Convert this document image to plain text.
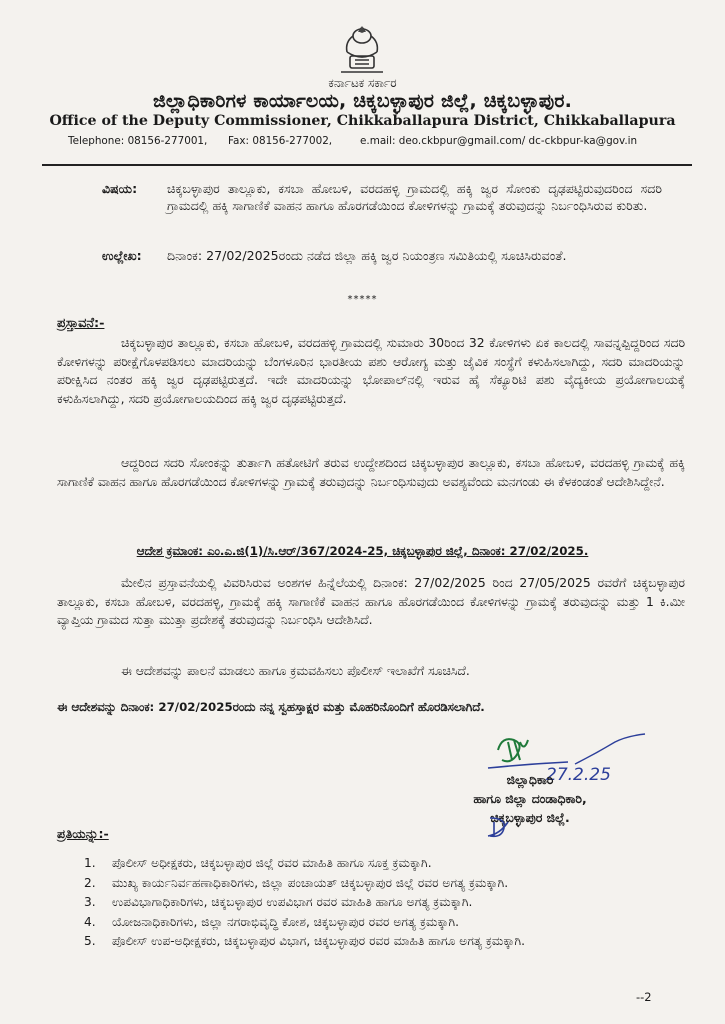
ಕರ್ನಾಟಕ ಸರ್ಕಾರ
ಜಿಲ್ಲಾಧಿಕಾರಿಗಳ ಕಾರ್ಯಾಲಯ, ಚಿಕ್ಕಬಳ್ಳಾಪುರ ಜಿಲ್ಲೆ, ಚಿಕ್ಕಬಳ್ಳಾಪುರ.
Office of the Deputy Commissioner, Chikkaballapura District, Chikkaballapura
Telephone: 08156-277001,	Fax: 08156-277002,	e.mail: deo.ckbpur@gmail.com/ dc-ckbpur-ka@gov.in
ವಿಷಯ:	ಚಿಕ್ಕಬಳ್ಳಾಪುರ ತಾಲ್ಲೂಕು, ಕಸಬಾ ಹೋಬಳಿ, ವರದಹಳ್ಳಿ ಗ್ರಾಮದಲ್ಲಿ ಹಕ್ಕಿ ಜ್ವರ ಸೋಂಕು ದೃಢಪಟ್ಟಿರುವುದರಿಂದ ಸದರಿ ಗ್ರಾಮದಲ್ಲಿ ಹಕ್ಕಿ ಸಾಗಾಣಿಕೆ ವಾಹನ ಹಾಗೂ ಹೊರಗಡೆಯಿಂದ ಕೋಳಿಗಳನ್ನು ಗ್ರಾಮಕ್ಕೆ ತರುವುದನ್ನು ನಿರ್ಬಂಧಿಸಿರುವ ಕುರಿತು.
ಉಲ್ಲೇಖ:	ದಿನಾಂಕ: 27/02/2025ರಂದು ನಡೆದ ಜಿಲ್ಲಾ ಹಕ್ಕಿ ಜ್ವರ ನಿಯಂತ್ರಣ ಸಮಿತಿಯಲ್ಲಿ ಸೂಚಿಸಿರುವಂತೆ.
*****
ಪ್ರಸ್ತಾವನೆ:-
ಚಿಕ್ಕಬಳ್ಳಾಪುರ ತಾಲ್ಲೂಕು, ಕಸಬಾ ಹೋಬಳಿ, ವರದಹಳ್ಳಿ ಗ್ರಾಮದಲ್ಲಿ ಸುಮಾರು 30ರಿಂದ 32 ಕೋಳಿಗಳು ಏಕ ಕಾಲದಲ್ಲಿ ಸಾವನ್ನಪ್ಪಿದ್ದರಿಂದ ಸದರಿ ಕೋಳಿಗಳನ್ನು ಪರೀಕ್ಷೆಗೊಳಪಡಿಸಲು ಮಾದರಿಯನ್ನು ಬೆಂಗಳೂರಿನ ಭಾರತೀಯ ಪಶು ಆರೋಗ್ಯ ಮತ್ತು ಜೈವಿಕ ಸಂಸ್ಥೆಗೆ ಕಳುಹಿಸಲಾಗಿದ್ದು, ಸದರಿ ಮಾದರಿಯನ್ನು ಪರೀಕ್ಷಿಸಿದ ನಂತರ ಹಕ್ಕಿ ಜ್ವರ ದೃಢಪಟ್ಟಿರುತ್ತದೆ. ಇದೇ ಮಾದರಿಯನ್ನು ಭೋಪಾಲ್‌ನಲ್ಲಿ ಇರುವ ಹೈ ಸೆಕ್ಯೂರಿಟಿ ಪಶು ವೈದ್ಯಕೀಯ ಪ್ರಯೋಗಾಲಯಕ್ಕೆ ಕಳುಹಿಸಲಾಗಿದ್ದು, ಸದರಿ ಪ್ರಯೋಗಾಲಯದಿಂದ ಹಕ್ಕಿ ಜ್ವರ ದೃಢಪಟ್ಟಿರುತ್ತದೆ.
ಆದ್ದರಿಂದ ಸದರಿ ಸೋಂಕನ್ನು ತುರ್ತಾಗಿ ಹತೋಟಿಗೆ ತರುವ ಉದ್ದೇಶದಿಂದ ಚಿಕ್ಕಬಳ್ಳಾಪುರ ತಾಲ್ಲೂಕು, ಕಸಬಾ ಹೋಬಳಿ, ವರದಹಳ್ಳಿ ಗ್ರಾಮಕ್ಕೆ ಹಕ್ಕಿ ಸಾಗಾಣಿಕೆ ವಾಹನ ಹಾಗೂ ಹೊರಗಡೆಯಿಂದ ಕೋಳಿಗಳನ್ನು ಗ್ರಾಮಕ್ಕೆ ತರುವುದನ್ನು ನಿರ್ಬಂಧಿಸುವುದು ಅವಶ್ಯವೆಂದು ಮನಗಂಡು ಈ ಕೆಳಕಂಡಂತೆ ಆದೇಶಿಸಿದ್ದೇನೆ.
ಆದೇಶ ಕ್ರಮಾಂಕ: ಎಂ.ಎ.ಜಿ(1)/ಸಿ.ಆರ್/367/2024-25, ಚಿಕ್ಕಬಳ್ಳಾಪುರ ಜಿಲ್ಲೆ, ದಿನಾಂಕ: 27/02/2025.
ಮೇಲಿನ ಪ್ರಸ್ತಾವನೆಯಲ್ಲಿ ವಿವರಿಸಿರುವ ಅಂಶಗಳ ಹಿನ್ನೆಲೆಯಲ್ಲಿ ದಿನಾಂಕ: 27/02/2025 ರಿಂದ 27/05/2025 ರವರೆಗೆ ಚಿಕ್ಕಬಳ್ಳಾಪುರ ತಾಲ್ಲೂಕು, ಕಸಬಾ ಹೋಬಳಿ, ವರದಹಳ್ಳಿ, ಗ್ರಾಮಕ್ಕೆ ಹಕ್ಕಿ ಸಾಗಾಣಿಕೆ ವಾಹನ ಹಾಗೂ ಹೊರಗಡೆಯಿಂದ ಕೋಳಿಗಳನ್ನು ಗ್ರಾಮಕ್ಕೆ ತರುವುದನ್ನು ಮತ್ತು 1 ಕಿ.ಮೀ ವ್ಯಾಪ್ತಿಯ ಗ್ರಾಮದ ಸುತ್ತಾ ಮುತ್ತಾ ಪ್ರದೇಶಕ್ಕೆ ತರುವುದನ್ನು ನಿರ್ಬಂಧಿಸಿ ಆದೇಶಿಸಿದೆ.
ಈ ಆದೇಶವನ್ನು ಪಾಲನೆ ಮಾಡಲು ಹಾಗೂ ಕ್ರಮವಹಿಸಲು ಪೊಲೀಸ್ ಇಲಾಖೆಗೆ ಸೂಚಿಸಿದೆ.
ಈ ಆದೇಶವನ್ನು ದಿನಾಂಕ: 27/02/2025ರಂದು ನನ್ನ ಸ್ವಹಸ್ತಾಕ್ಷರ ಮತ್ತು ಮೊಹರಿನೊಂದಿಗೆ ಹೊರಡಿಸಲಾಗಿದೆ.
27.2.25
ಜಿಲ್ಲಾಧಿಕಾರಿ
ಹಾಗೂ ಜಿಲ್ಲಾ ದಂಡಾಧಿಕಾರಿ,
ಚಿಕ್ಕಬಳ್ಳಾಪುರ ಜಿಲ್ಲೆ.
ಪ್ರತಿಯನ್ನು:-
1. ಪೊಲೀಸ್ ಅಧೀಕ್ಷಕರು, ಚಿಕ್ಕಬಳ್ಳಾಪುರ ಜಿಲ್ಲೆ ರವರ ಮಾಹಿತಿ ಹಾಗೂ ಸೂಕ್ತ ಕ್ರಮಕ್ಕಾಗಿ.
2. ಮುಖ್ಯ ಕಾರ್ಯನಿರ್ವಹಣಾಧಿಕಾರಿಗಳು, ಜಿಲ್ಲಾ ಪಂಚಾಯತ್ ಚಿಕ್ಕಬಳ್ಳಾಪುರ ಜಿಲ್ಲೆ ರವರ ಅಗತ್ಯ ಕ್ರಮಕ್ಕಾಗಿ.
3. ಉಪವಿಭಾಗಾಧಿಕಾರಿಗಳು, ಚಿಕ್ಕಬಳ್ಳಾಪುರ ಉಪವಿಭಾಗ ರವರ ಮಾಹಿತಿ ಹಾಗೂ ಅಗತ್ಯ ಕ್ರಮಕ್ಕಾಗಿ.
4. ಯೋಜನಾಧಿಕಾರಿಗಳು, ಜಿಲ್ಲಾ ನಗರಾಭಿವೃದ್ಧಿ ಕೋಶ, ಚಿಕ್ಕಬಳ್ಳಾಪುರ ರವರ ಅಗತ್ಯ ಕ್ರಮಕ್ಕಾಗಿ.
5. ಪೊಲೀಸ್ ಉಪ-ಅಧೀಕ್ಷಕರು, ಚಿಕ್ಕಬಳ್ಳಾಪುರ ವಿಭಾಗ, ಚಿಕ್ಕಬಳ್ಳಾಪುರ ರವರ ಮಾಹಿತಿ ಹಾಗೂ ಅಗತ್ಯ ಕ್ರಮಕ್ಕಾಗಿ.
--2
